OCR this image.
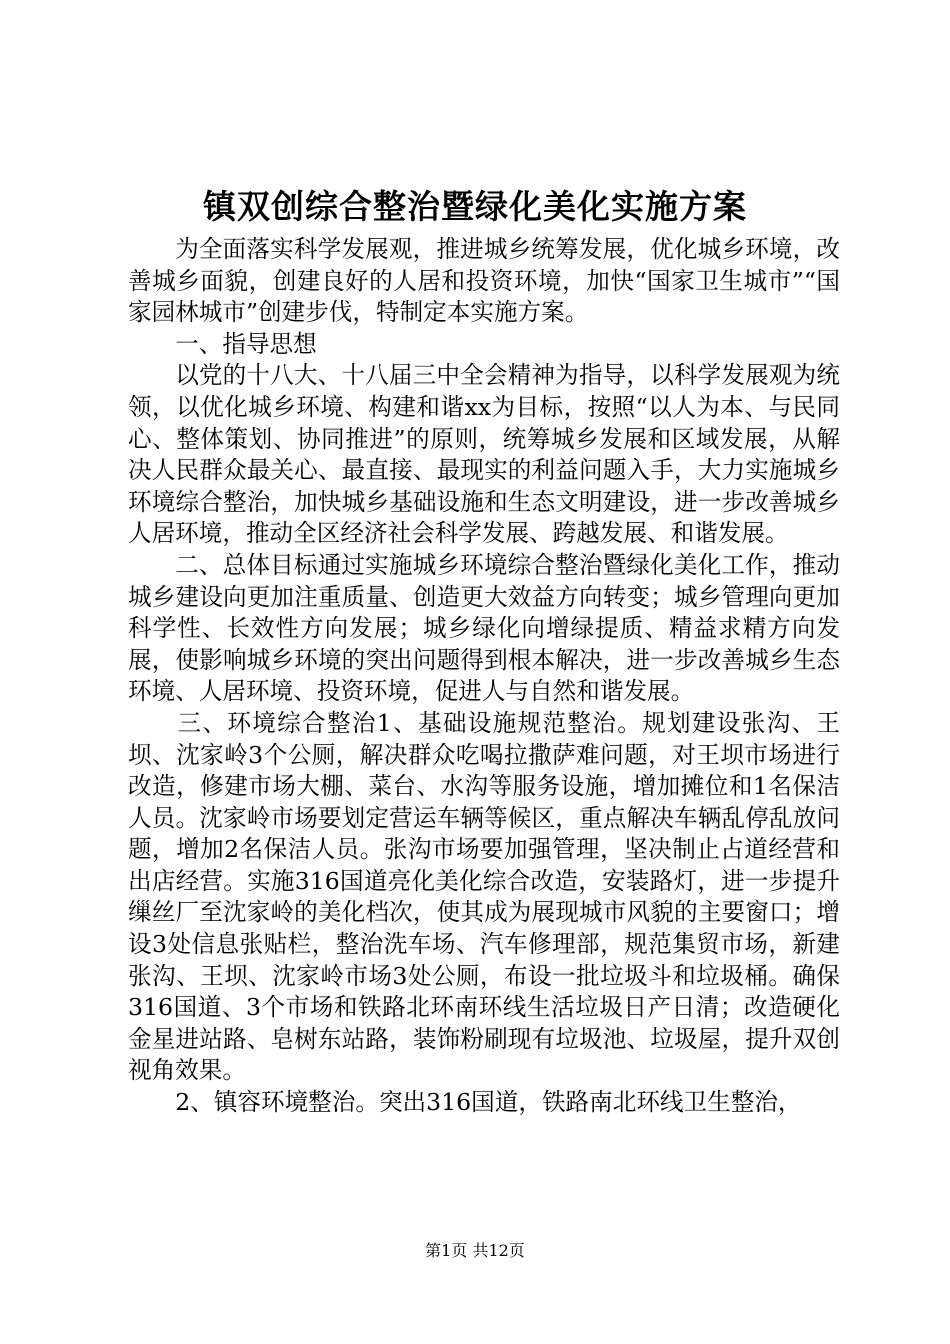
镇双创综合整治暨绿化美化实施方案

为全面落实科学发展观，推进城乡统筹发展，优化城乡环境，改善城乡面貌，创建良好的人居和投资环境，加快“国家卫生城市”“国家园林城市”创建步伐，特制定本实施方案。

一、指导思想

以党的十八大、十八届三中全会精神为指导，以科学发展观为统领，以优化城乡环境、构建和谐xx为目标，按照“以人为本、与民同心、整体策划、协同推进”的原则，统筹城乡发展和区域发展，从解决人民群众最关心、最直接、最现实的利益问题入手，大力实施城乡环境综合整治，加快城乡基础设施和生态文明建设，进一步改善城乡人居环境，推动全区经济社会科学发展、跨越发展、和谐发展。

二、总体目标通过实施城乡环境综合整治暨绿化美化工作，推动城乡建设向更加注重质量、创造更大效益方向转变；城乡管理向更加科学性、长效性方向发展；城乡绿化向增绿提质、精益求精方向发展，使影响城乡环境的突出问题得到根本解决，进一步改善城乡生态环境、人居环境、投资环境，促进人与自然和谐发展。

三、环境综合整治1、基础设施规范整治。规划建设张沟、王坝、沈家岭3个公厕，解决群众吃喝拉撒萨难问题，对王坝市场进行改造，修建市场大棚、菜台、水沟等服务设施，增加摊位和1名保洁人员。沈家岭市场要划定营运车辆等候区，重点解决车辆乱停乱放问题，增加2名保洁人员。张沟市场要加强管理，坚决制止占道经营和出店经营。实施316国道亮化美化综合改造，安装路灯，进一步提升缫丝厂至沈家岭的美化档次，使其成为展现城市风貌的主要窗口；增设3处信息张贴栏，整治洗车场、汽车修理部，规范集贸市场，新建张沟、王坝、沈家岭市场3处公厕，布设一批垃圾斗和垃圾桶。确保316国道、3个市场和铁路北环南环线生活垃圾日产日清；改造硬化金星进站路、皂树东站路，装饰粉刷现有垃圾池、垃圾屋，提升双创视角效果。

2、镇容环境整治。突出316国道，铁路南北环线卫生整治，

第1页 共12页
